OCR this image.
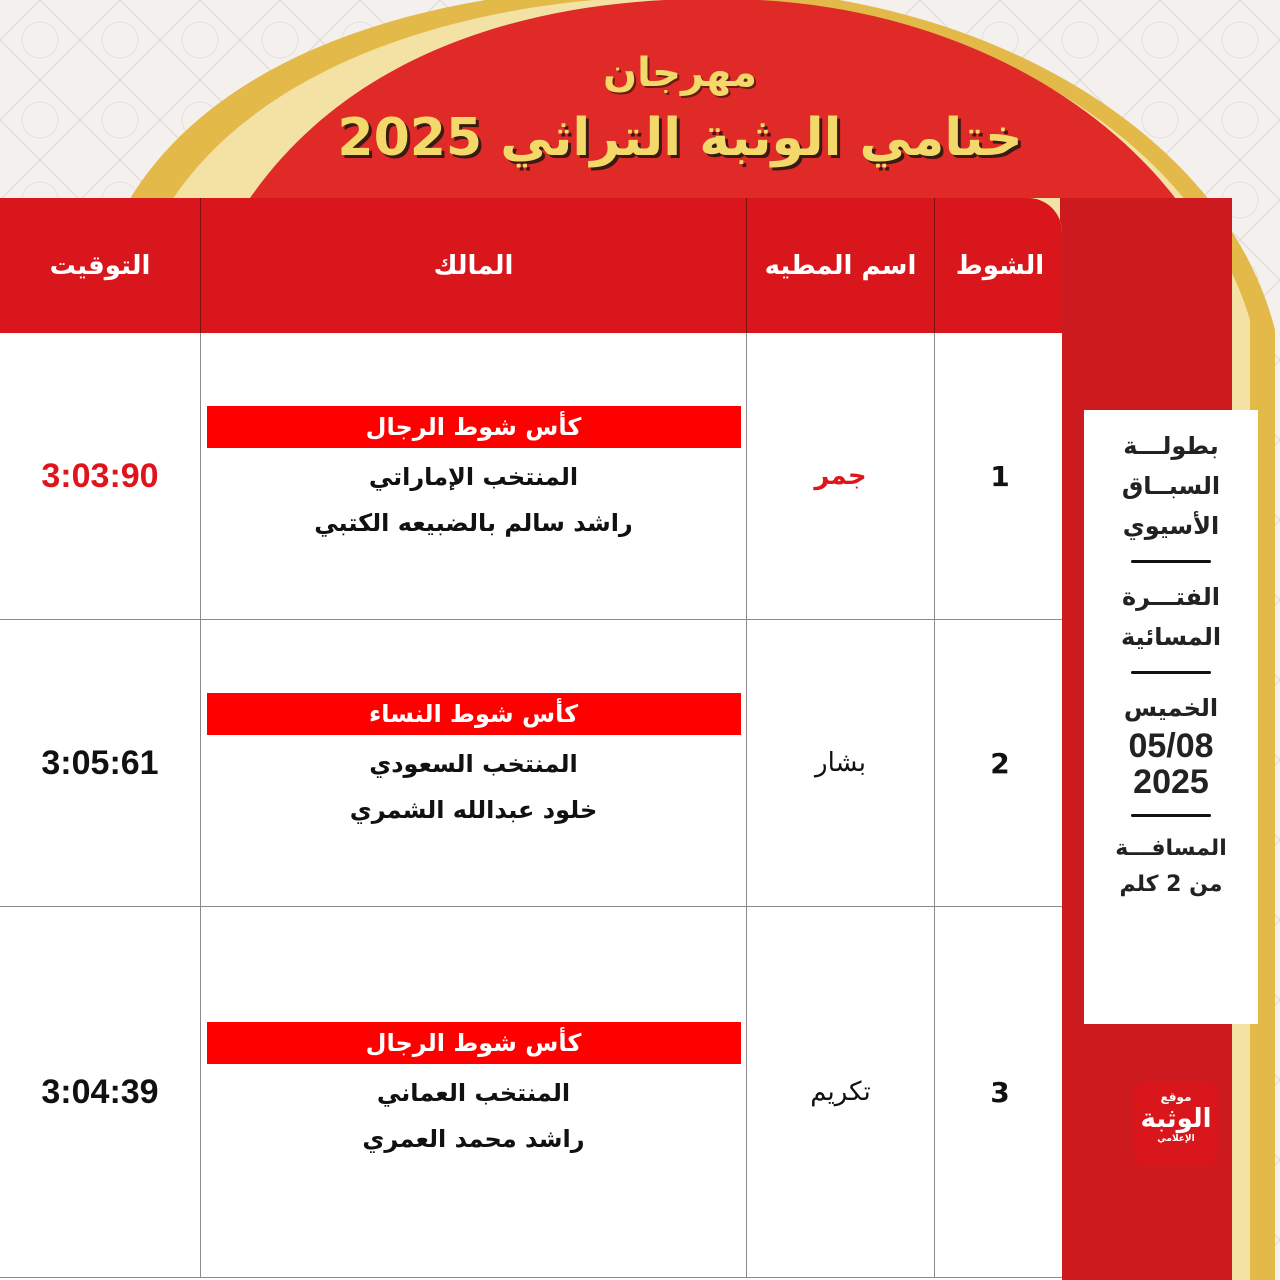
مهرجان
ختامي الوثبة التراثي 2025
الشوط	اسم المطيه	المالك	التوقيت
1	جمر	كأس شوط الرجال
المنتخب الإماراتي
راشد سالم بالضبيعه الكتبي	3:03:90
2	بشار	كأس شوط النساء
المنتخب السعودي
خلود عبدالله الشمري	3:05:61
3	تكريم	كأس شوط الرجال
المنتخب العماني
راشد محمد العمري	3:04:39
بطولـــة
السبــاق
الأسيوي
الفتـــرة
المسائية
الخميس
05/08
2025
المسافـــة
من 2 كلم
موقع
الوثبة
الإعلامي
